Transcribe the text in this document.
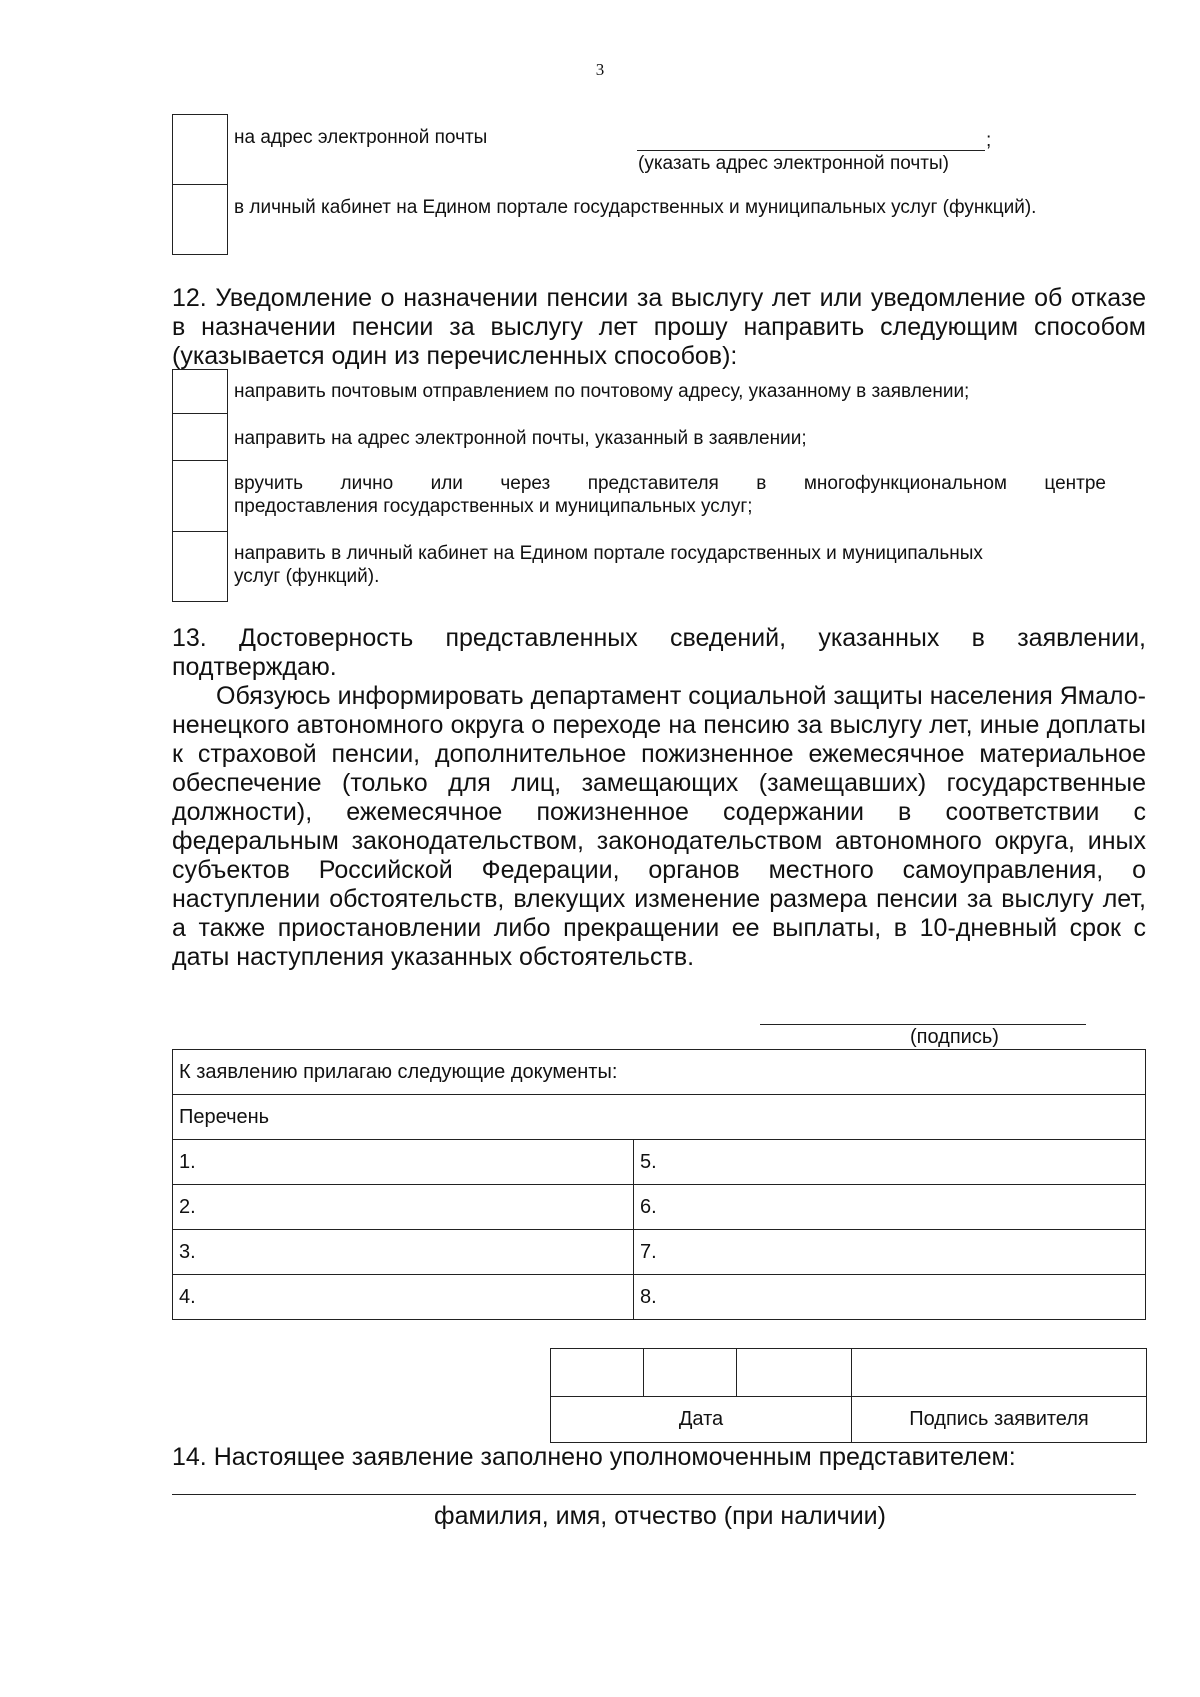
3
на адрес электронной почты	;
(указать адрес электронной почты)
в личный кабинет на Едином портале государственных и муниципальных услуг (функций).
12. Уведомление о назначении пенсии за выслугу лет или уведомление об отказе в назначении пенсии за выслугу лет прошу направить следующим способом (указывается один из перечисленных способов):
направить почтовым отправлением по почтовому адресу, указанному в заявлении;
направить на адрес электронной почты, указанный в заявлении;
вручить лично или через представителя в многофункциональном центре
предоставления государственных и муниципальных услуг;
направить в личный кабинет на Едином портале государственных и муниципальных
услуг (функций).
13. Достоверность представленных сведений, указанных в заявлении,
подтверждаю.
Обязуюсь информировать департамент социальной защиты населения Ямало-ненецкого автономного округа о переходе на пенсию за выслугу лет, иные доплаты к страховой пенсии, дополнительное пожизненное ежемесячное материальное обеспечение (только для лиц, замещающих (замещавших) государственные должности), ежемесячное пожизненное содержании в соответствии с федеральным законодательством, законодательством автономного округа, иных субъектов Российской Федерации, органов местного самоуправления, о наступлении обстоятельств, влекущих изменение размера пенсии за выслугу лет, а также приостановлении либо прекращении ее выплаты, в 10-дневный срок с даты наступления указанных обстоятельств.
(подпись)
К заявлению прилагаю следующие документы:	
Перечень	
1.	5.
2.	6.
3.	7.
4.	8.

Дата			Подпись заявителя
14. Настоящее заявление заполнено уполномоченным представителем:
фамилия, имя, отчество (при наличии)
